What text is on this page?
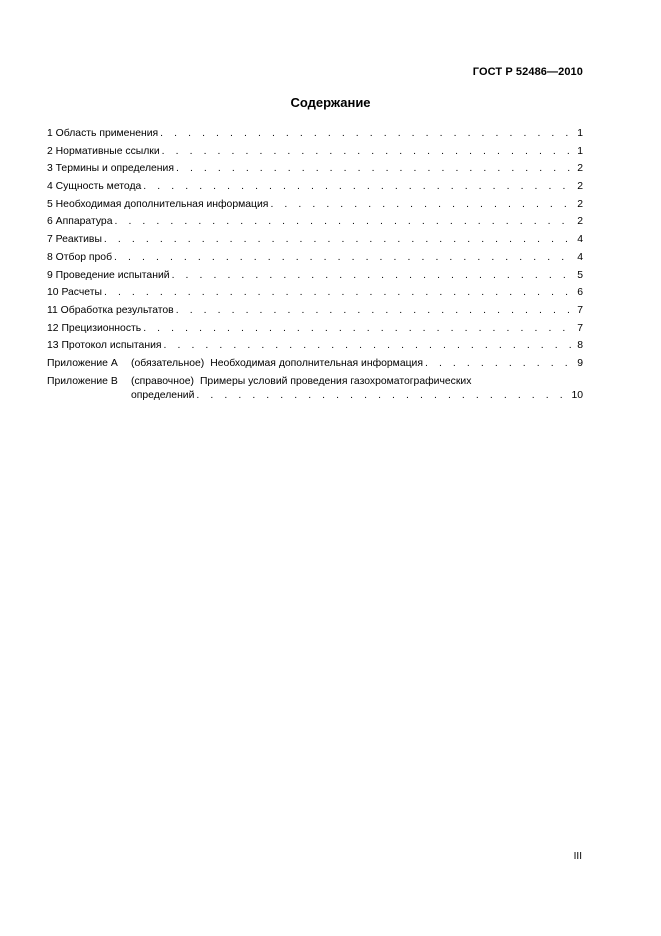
ГОСТ Р 52486—2010
Содержание
1 Область применения . . .	1
2 Нормативные ссылки . . .	1
3 Термины и определения . . .	2
4 Сущность метода . . .	2
5 Необходимая дополнительная информация . . .	2
6 Аппаратура . . .	2
7 Реактивы . . .	4
8 Отбор проб . . .	4
9 Проведение испытаний . . .	5
10 Расчеты . . .	6
11 Обработка результатов . . .	7
12 Прецизионность . . .	7
13 Протокол испытания . . .	8
Приложение А	(обязательное) Необходимая дополнительная информация . . .	9
Приложение В	(справочное) Примеры условий проведения газохроматографических
определений . . .	10
III
